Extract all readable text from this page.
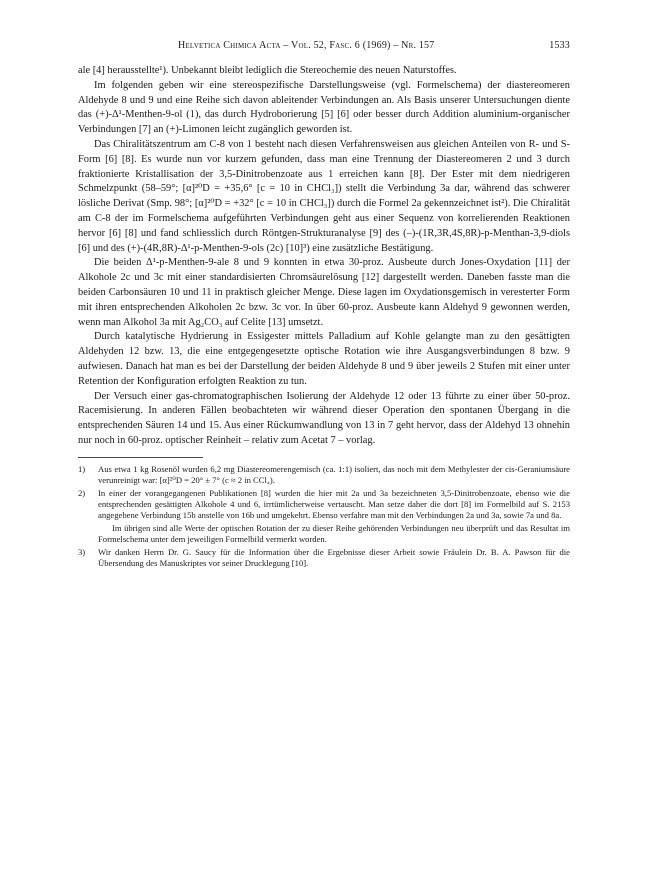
Helvetica Chimica Acta – Vol. 52, Fasc. 6 (1969) – Nr. 157	1533

ale [4] herausstellte¹). Unbekannt bleibt lediglich die Stereochemie des neuen Naturstoffes.

Im folgenden geben wir eine stereospezifische Darstellungsweise (vgl. Formelschema) der diastereomeren Aldehyde 8 und 9 und eine Reihe sich davon ableitender Verbindungen an. Als Basis unserer Untersuchungen diente das (+)-Δ¹-Menthen-9-ol (1), das durch Hydroborierung [5] [6] oder besser durch Addition aluminium-organischer Verbindungen [7] an (+)-Limonen leicht zugänglich geworden ist.

Das Chiralitätszentrum am C-8 von 1 besteht nach diesen Verfahrensweisen aus gleichen Anteilen von R- und S-Form [6] [8]. Es wurde nun vor kurzem gefunden, dass man eine Trennung der Diastereomeren 2 und 3 durch fraktionierte Kristallisation der 3,5-Dinitrobenzoate aus 1 erreichen kann [8]. Der Ester mit dem niedrigeren Schmelzpunkt (58–59°; [α]²⁰D = +35,6° [c = 10 in CHCl₃]) stellt die Verbindung 3a dar, während das schwerer lösliche Derivat (Smp. 98°; [α]²⁰D = +32° [c = 10 in CHCl₃]) durch die Formel 2a gekennzeichnet ist²). Die Chiralität am C-8 der im Formelschema aufgeführten Verbindungen geht aus einer Sequenz von korrelierenden Reaktionen hervor [6] [8] und fand schliesslich durch Röntgen-Strukturanalyse [9] des (–)-(1R,3R,4S,8R)-p-Menthan-3,9-diols [6] und des (+)-(4R,8R)-Δ¹-p-Menthen-9-ols (2c) [10]³) eine zusätzliche Bestätigung.

Die beiden Δ¹-p-Menthen-9-ale 8 und 9 konnten in etwa 30-proz. Ausbeute durch Jones-Oxydation [11] der Alkohole 2c und 3c mit einer standardisierten Chromsäurelösung [12] dargestellt werden. Daneben fasste man die beiden Carbonsäuren 10 und 11 in praktisch gleicher Menge. Diese lagen im Oxydationsgemisch in veresterter Form mit ihren entsprechenden Alkoholen 2c bzw. 3c vor. In über 60-proz. Ausbeute kann Aldehyd 9 gewonnen werden, wenn man Alkohol 3a mit Ag₂CO₃ auf Celite [13] umsetzt.

Durch katalytische Hydrierung in Essigester mittels Palladium auf Kohle gelangte man zu den gesättigten Aldehyden 12 bzw. 13, die eine entgegengesetzte optische Rotation wie ihre Ausgangsverbindungen 8 bzw. 9 aufwiesen. Danach hat man es bei der Darstellung der beiden Aldehyde 8 und 9 über jeweils 2 Stufen mit einer unter Retention der Konfiguration erfolgten Reaktion zu tun.

Der Versuch einer gas-chromatographischen Isolierung der Aldehyde 12 oder 13 führte zu einer über 50-proz. Racemisierung. In anderen Fällen beobachteten wir während dieser Operation den spontanen Übergang in die entsprechenden Säuren 14 und 15. Aus einer Rückumwandlung von 13 in 7 geht hervor, dass der Aldehyd 13 ohnehin nur noch in 60-proz. optischer Reinheit – relativ zum Acetat 7 – vorlag.

1)	Aus etwa 1 kg Rosenöl wurden 6,2 mg Diastereomerengemisch (ca. 1:1) isoliert, das noch mit dem Methylester der cis-Geraniumsäure verunreinigt war: [α]²⁰D = 20° ± 7° (c ≈ 2 in CCl₄).
2)	In einer der vorangegangenen Publikationen [8] wurden die hier mit 2a und 3a bezeichneten 3,5-Dinitrobenzoate, ebenso wie die entsprechenden gesättigten Alkohole 4 und 6, irrtümlicherweise vertauscht. Man setze daher die dort [8] im Formelbild auf S. 2153 angegebene Verbindung 15b anstelle von 16b und umgekehrt. Ebenso verfahre man mit den Verbindungen 2a und 3a, sowie 7a und 8a.
Im übrigen sind alle Werte der optischen Rotation der zu dieser Reihe gehörenden Verbindungen neu überprüft und das Resultat im Formelschema unter dem jeweiligen Formelbild vermerkt worden.
3)	Wir danken Herrn Dr. G. Saucy für die Information über die Ergebnisse dieser Arbeit sowie Fräulein Dr. B. A. Pawson für die Übersendung des Manuskriptes vor seiner Drucklegung [10].
